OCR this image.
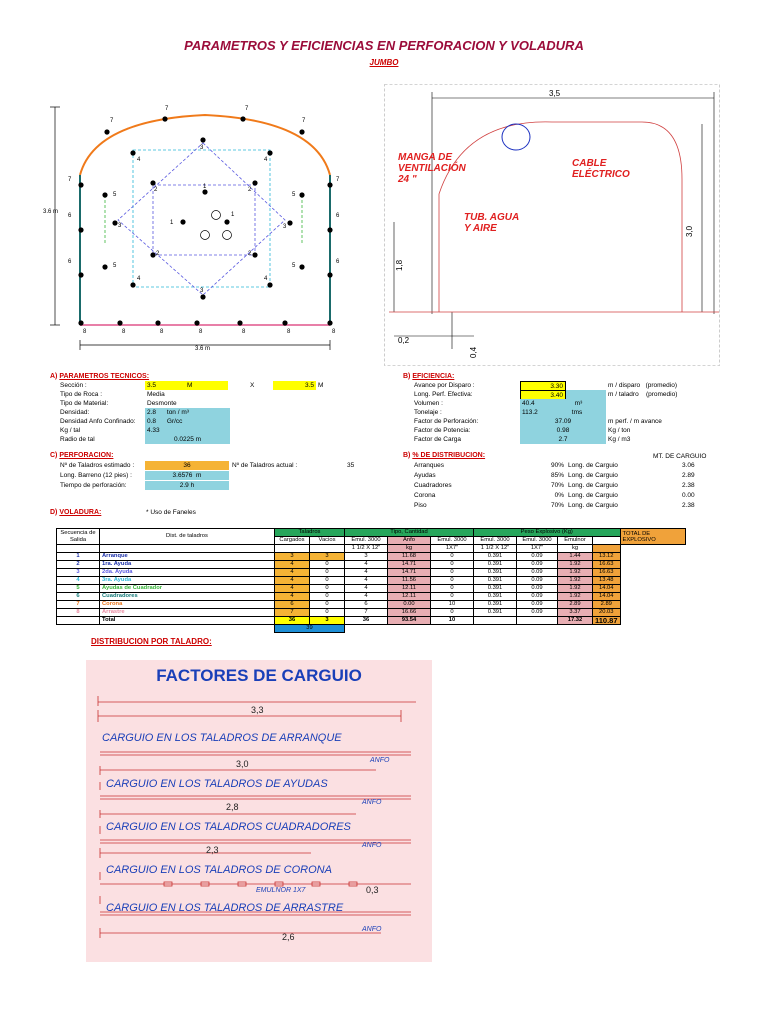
PARAMETROS Y EFICIENCIAS EN PERFORACION Y VOLADURA
JUMBO
7
7	7
7
7	7
3
4	4
5	5
2	1	2
3	1
1
3
6	6
2	2
5	5
4	4
3
6	6
8	8	8	8	8	8	8
3.6 m
3.6 m
3,5
3,0
1,8
0,2
0,4
MANGA DE
VENTILACIÓN
24 "
CABLE
ELÉCTRICO
TUB. AGUA
Y AIRE
A) PARAMETROS TECNICOS:
Sección :	3.5	M	X	3.5 M
Tipo de Roca :	Media
Tipo de Material:	Desmonte
Densidad:	2.8 ton / m³
Densidad Anfo Confinado:	0.8 Gr/cc
Kg / tal	4.33
Radio de tal	0.0225 m
B) EFICIENCIA:
Avance por Disparo :	3.30	m / disparo (promedio)
Long. Perf. Efectiva:	3.40	m / taladro (promedio)
Volumen :	40.4	m³
Tonelaje :	113.2	tms
Factor de Perforación:	37.09	m perf. / m avance
Factor de Potencia:	0.98	Kg / ton
Factor de Carga	2.7	Kg / m3
C) PERFORACION:
Nº de Taladros estimado :	36	Nº de Taladros actual :	35
Long. Barreno (12 pies) :	3.6576 m
Tiempo de perforación:	2.9 h
B) % DE DISTRIBUCION:	MT. DE CARGUIO
Arranques	90% Long. de Carguio	3.06
Ayudas	85% Long. de Carguio	2.89
Cuadradores	70% Long. de Carguio	2.38
Corona	0% Long. de Carguio	0.00
Piso	70% Long. de Carguio	2.38
D) VOLADURA:	* Uso de Faneles
Secuencia de Salida	Dist. de taladros	Taladros		Tipo, Cantidad			Peso Explosivo (Kg)				TOTAL DE EXPLOSIVO
		Cargados	Vacios	Emul. 3000	Anfo	Emul. 3000	Emul. 3000	Emul. 3000	Emulnor		
				1 1/2 X 12"	kg	1X7"	1 1/2 X 12"	1X7"	kg		
1	Arranque	3	3	3	11.68	0	0.391	0.09	1.44	13.12	
2	1ra. Ayuda	4	0	4	14.71	0	0.391	0.09	1.92	16.63	
3	2da. Ayuda	4	0	4	14.71	0	0.391	0.09	1.92	16.63	
4	3ra. Ayuda	4	0	4	11.56	0	0.391	0.09	1.92	13.48	
5	Ayudas de Cuadrador	4	0	4	12.11	0	0.391	0.09	1.92	14.04	
6	Cuadradores	4	0	4	12.11	0	0.391	0.09	1.92	14.04	
7	Corona	6	0	6	0.00	10	0.391	0.09	2.89	2.89	
8	Arrastre	7	0	7	16.66	0	0.391	0.09	3.37	20.03	
	Total	36	3	36	93.54	10			17.32	110.87	
		39									
DISTRIBUCION POR TALADRO:
FACTORES DE CARGUIO
3,3
CARGUIO EN LOS TALADROS DE ARRANQUE
ANFO
3,0
CARGUIO EN LOS TALADROS DE AYUDAS
ANFO
2,8
CARGUIO EN LOS TALADROS CUADRADORES
ANFO
2,3
CARGUIO EN LOS TALADROS DE CORONA
EMULNOR 1X7	0,3
CARGUIO EN LOS TALADROS DE ARRASTRE
ANFO
2,6
